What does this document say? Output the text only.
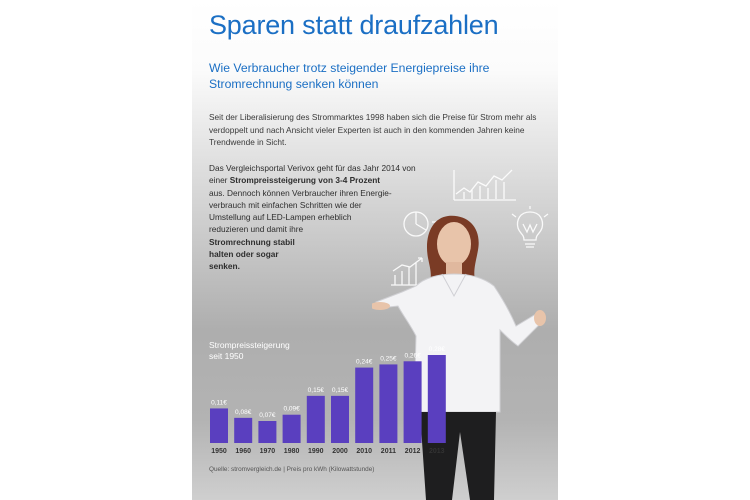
Sparen statt draufzahlen

Wie Verbraucher trotz steigender Energiepreise ihre Stromrechnung senken können

Seit der Liberalisierung des Strommarktes 1998 haben sich die Preise für Strom mehr als verdoppelt und nach Ansicht vieler Experten ist auch in den kommenden Jahren keine Trendwende in Sicht.

Das Vergleichsportal Verivox geht für das Jahr 2014 von
einer Strompreissteigerung von 3-4 Prozent
aus. Dennoch können Verbraucher ihren Energie-
verbrauch mit einfachen Schritten wie der
Umstellung auf LED-Lampen erheblich
reduzieren und damit ihre
Stromrechnung stabil
halten oder sogar
senken.

Strompreissteigerung
seit 1950

0,11€
1950
0,08€
1960
0,07€
1970
0,09€
1980
0,15€
1990
0,15€
2000
0,24€
2010
0,25€
2011
0,26€
2012
0,28€
2013

Quelle: stromvergleich.de | Preis pro kWh (Kilowattstunde)
